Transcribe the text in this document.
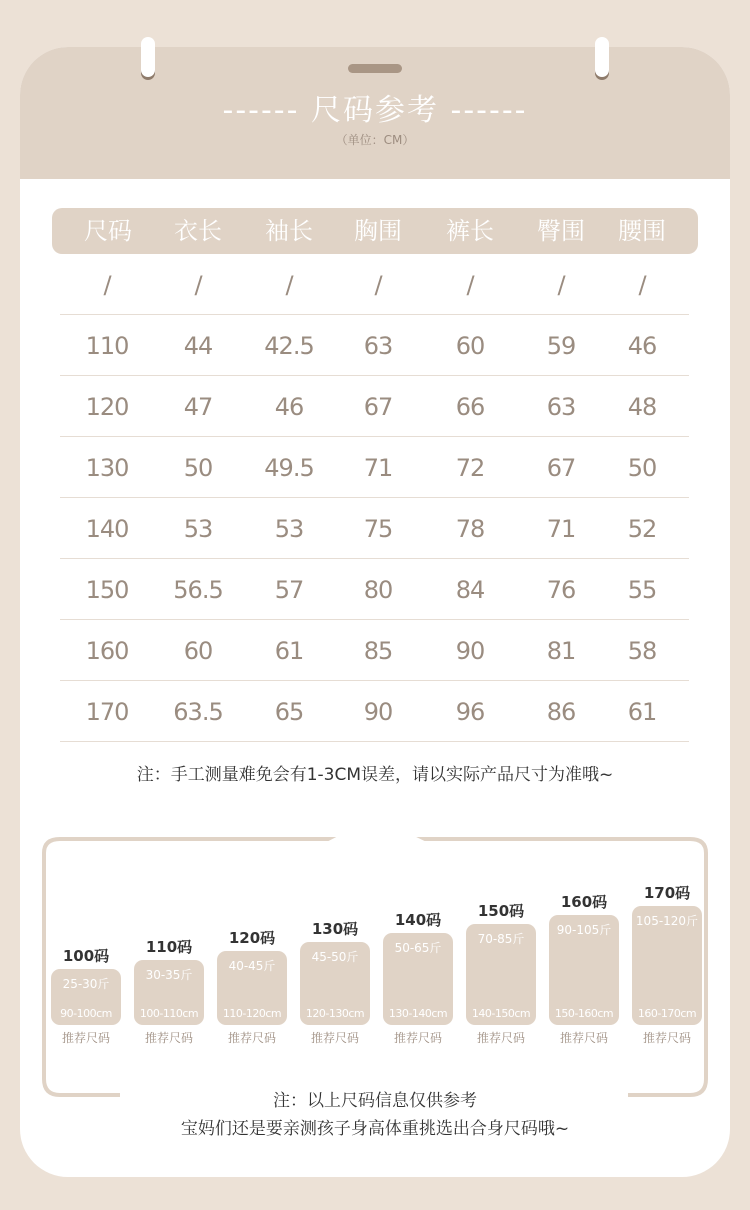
------ 尺码参考 ------
（单位：CM）
尺码	衣长	袖长	胸围	裤长	臀围	腰围
/	/	/	/	/	/	/
110	44	42.5	63	60	59	46
120	47	46	67	66	63	48
130	50	49.5	71	72	67	50
140	53	53	75	78	71	52
150	56.5	57	80	84	76	55
160	60	61	85	90	81	58
170	63.5	65	90	96	86	61
注：手工测量难免会有1-3CM误差，请以实际产品尺寸为准哦~
100码
25-30斤
90-100cm
推荐尺码
110码
30-35斤
100-110cm
推荐尺码
120码
40-45斤
110-120cm
推荐尺码
130码
45-50斤
120-130cm
推荐尺码
140码
50-65斤
130-140cm
推荐尺码
150码
70-85斤
140-150cm
推荐尺码
160码
90-105斤
150-160cm
推荐尺码
170码
105-120斤
160-170cm
推荐尺码
注：以上尺码信息仅供参考
宝妈们还是要亲测孩子身高体重挑选出合身尺码哦~
